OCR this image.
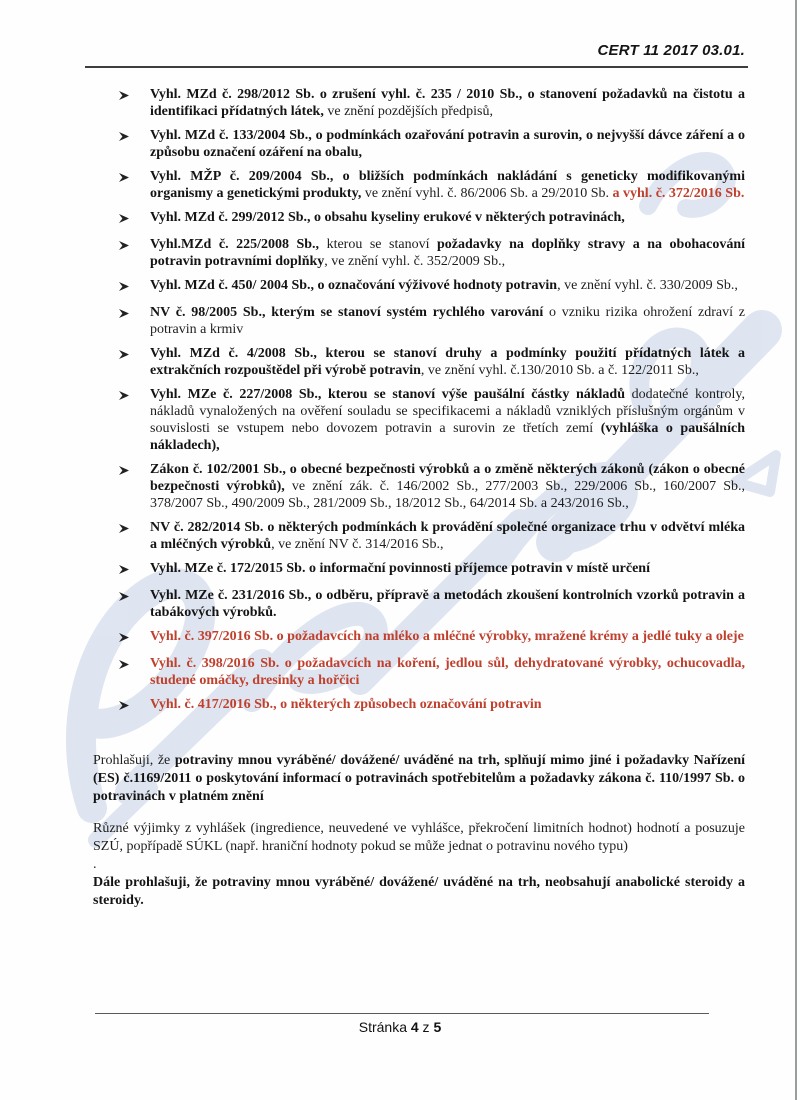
CERT 11 2017 03.01.
Vyhl. MZd č. 298/2012 Sb. o zrušení vyhl. č. 235 / 2010 Sb., o stanovení požadavků na čistotu a identifikaci přídatných látek, ve znění pozdějších předpisů,
Vyhl. MZd č. 133/2004 Sb., o podmínkách ozařování potravin a surovin, o nejvyšší dávce záření a o způsobu označení ozáření na obalu,
Vyhl. MŽP č. 209/2004 Sb., o bližších podmínkách nakládání s geneticky modifikovanými organismy a genetickými produkty, ve znění vyhl. č. 86/2006 Sb. a 29/2010 Sb. a vyhl. č. 372/2016 Sb.
Vyhl. MZd č. 299/2012 Sb., o obsahu kyseliny erukové v některých potravinách,
Vyhl.MZd č. 225/2008 Sb., kterou se stanoví požadavky na doplňky stravy a na obohacování potravin potravními doplňky, ve znění vyhl. č. 352/2009 Sb.,
Vyhl. MZd č. 450/ 2004 Sb., o označování výživové hodnoty potravin, ve znění vyhl. č. 330/2009 Sb.,
NV č. 98/2005 Sb., kterým se stanoví systém rychlého varování o vzniku rizika ohrožení zdraví z potravin a krmiv
Vyhl. MZd č. 4/2008 Sb., kterou se stanoví druhy a podmínky použití přídatných látek a extrakčních rozpouštědel při výrobě potravin, ve znění vyhl. č.130/2010 Sb. a č. 122/2011 Sb.,
Vyhl. MZe č. 227/2008 Sb., kterou se stanoví výše paušální částky nákladů dodatečné kontroly, nákladů vynaložených na ověření souladu se specifikacemi a nákladů vzniklých příslušným orgánům v souvislosti se vstupem nebo dovozem potravin a surovin ze třetích zemí (vyhláška o paušálních nákladech),
Zákon č. 102/2001 Sb., o obecné bezpečnosti výrobků a o změně některých zákonů (zákon o obecné bezpečnosti výrobků), ve znění zák. č. 146/2002 Sb., 277/2003 Sb., 229/2006 Sb., 160/2007 Sb., 378/2007 Sb., 490/2009 Sb., 281/2009 Sb., 18/2012 Sb., 64/2014 Sb. a 243/2016 Sb.,
NV č. 282/2014 Sb. o některých podmínkách k provádění společné organizace trhu v odvětví mléka a mléčných výrobků, ve znění NV č. 314/2016 Sb.,
Vyhl. MZe č. 172/2015 Sb. o informační povinnosti příjemce potravin v místě určení
Vyhl. MZe č. 231/2016 Sb., o odběru, přípravě a metodách zkoušení kontrolních vzorků potravin a tabákových výrobků.
Vyhl. č. 397/2016 Sb. o požadavcích na mléko a mléčné výrobky, mražené krémy a jedlé tuky a oleje
Vyhl. č. 398/2016 Sb. o požadavcích na koření, jedlou sůl, dehydratované výrobky, ochucovadla, studené omáčky, dresinky a hořčici
Vyhl. č. 417/2016 Sb., o některých způsobech označování potravin

Prohlašuji, že potraviny mnou vyráběné/ dovážené/ uváděné na trh, splňují mimo jiné i požadavky Nařízení (ES) č.1169/2011 o poskytování informací o potravinách spotřebitelům a požadavky zákona č. 110/1997 Sb. o potravinách v platném znění

Různé výjimky z vyhlášek (ingredience, neuvedené ve vyhlášce, překročení limitních hodnot) hodnotí a posuzuje SZÚ, popřípadě SÚKL (např. hraniční hodnoty pokud se může jednat o potravinu nového typu)

.

Dále prohlašuji, že potraviny mnou vyráběné/ dovážené/ uváděné na trh, neobsahují anabolické steroidy a steroidy.

Stránka 4 z 5
